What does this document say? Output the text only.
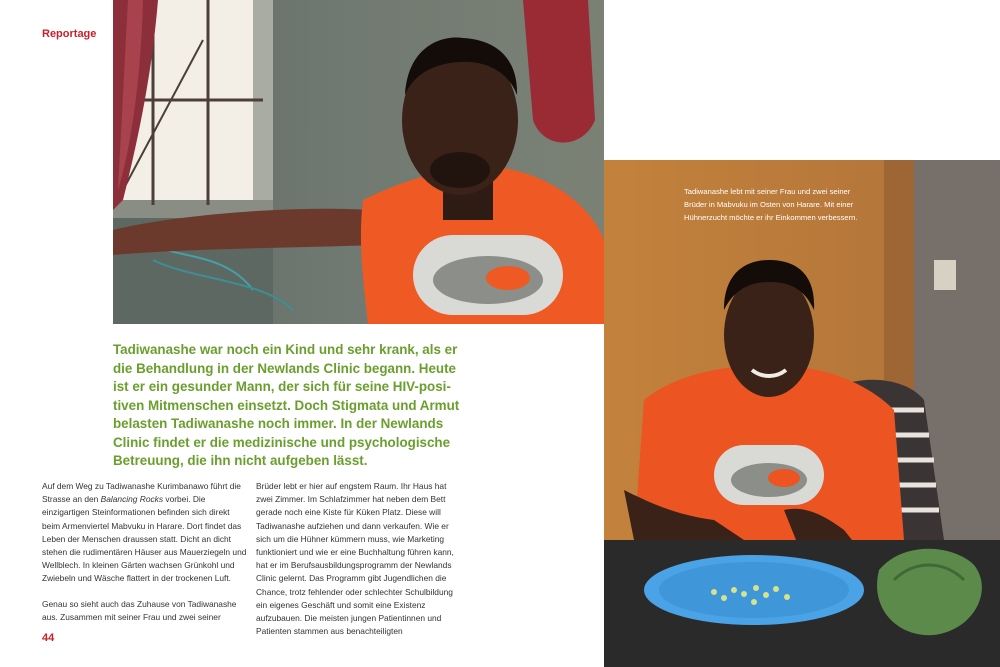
Reportage

Tadiwanashe lebt mit seiner Frau und zwei seiner

Brüder in Mabvuku im Osten von Harare. Mit einer

Hühnerzucht möchte er ihr Einkommen verbessern.

Tadiwanashe war noch ein Kind und sehr krank, als er

die Behandlung in der Newlands Clinic begann. Heute

ist er ein gesunder Mann, der sich für seine HIV-posi-

tiven Mitmenschen einsetzt. Doch Stigmata und Armut

belasten Tadiwanashe noch immer. In der Newlands

Clinic findet er die medizinische und psychologische

Betreuung, die ihn nicht aufgeben lässt.

Auf dem Weg zu Tadiwanashe Kurimbanawo führt die Strasse an den Balancing Rocks vorbei. Die einzigartigen Steinformationen befinden sich direkt beim Armenviertel Mabvuku in Harare. Dort findet das Leben der Menschen draussen statt. Dicht an dicht stehen die rudimentären Häuser aus Mauerziegeln und Wellblech. In kleinen Gärten wachsen Grünkohl und Zwiebeln und Wäsche flattert in der trockenen Luft.

Genau so sieht auch das Zuhause von Tadiwanashe aus. Zusammen mit seiner Frau und zwei seiner

Brüder lebt er hier auf engstem Raum. Ihr Haus hat zwei Zimmer. Im Schlafzimmer hat neben dem Bett gerade noch eine Kiste für Küken Platz. Diese will Tadiwanashe aufziehen und dann verkaufen. Wie er sich um die Hühner kümmern muss, wie Marketing funktioniert und wie er eine Buchhaltung führen kann, hat er im Berufsausbildungsprogramm der Newlands Clinic gelernt. Das Programm gibt Jugendlichen die Chance, trotz fehlender oder schlechter Schulbildung ein eigenes Geschäft und somit eine Existenz aufzubauen. Die meisten jungen Patientinnen und Patienten stammen aus benachteiligten

44
